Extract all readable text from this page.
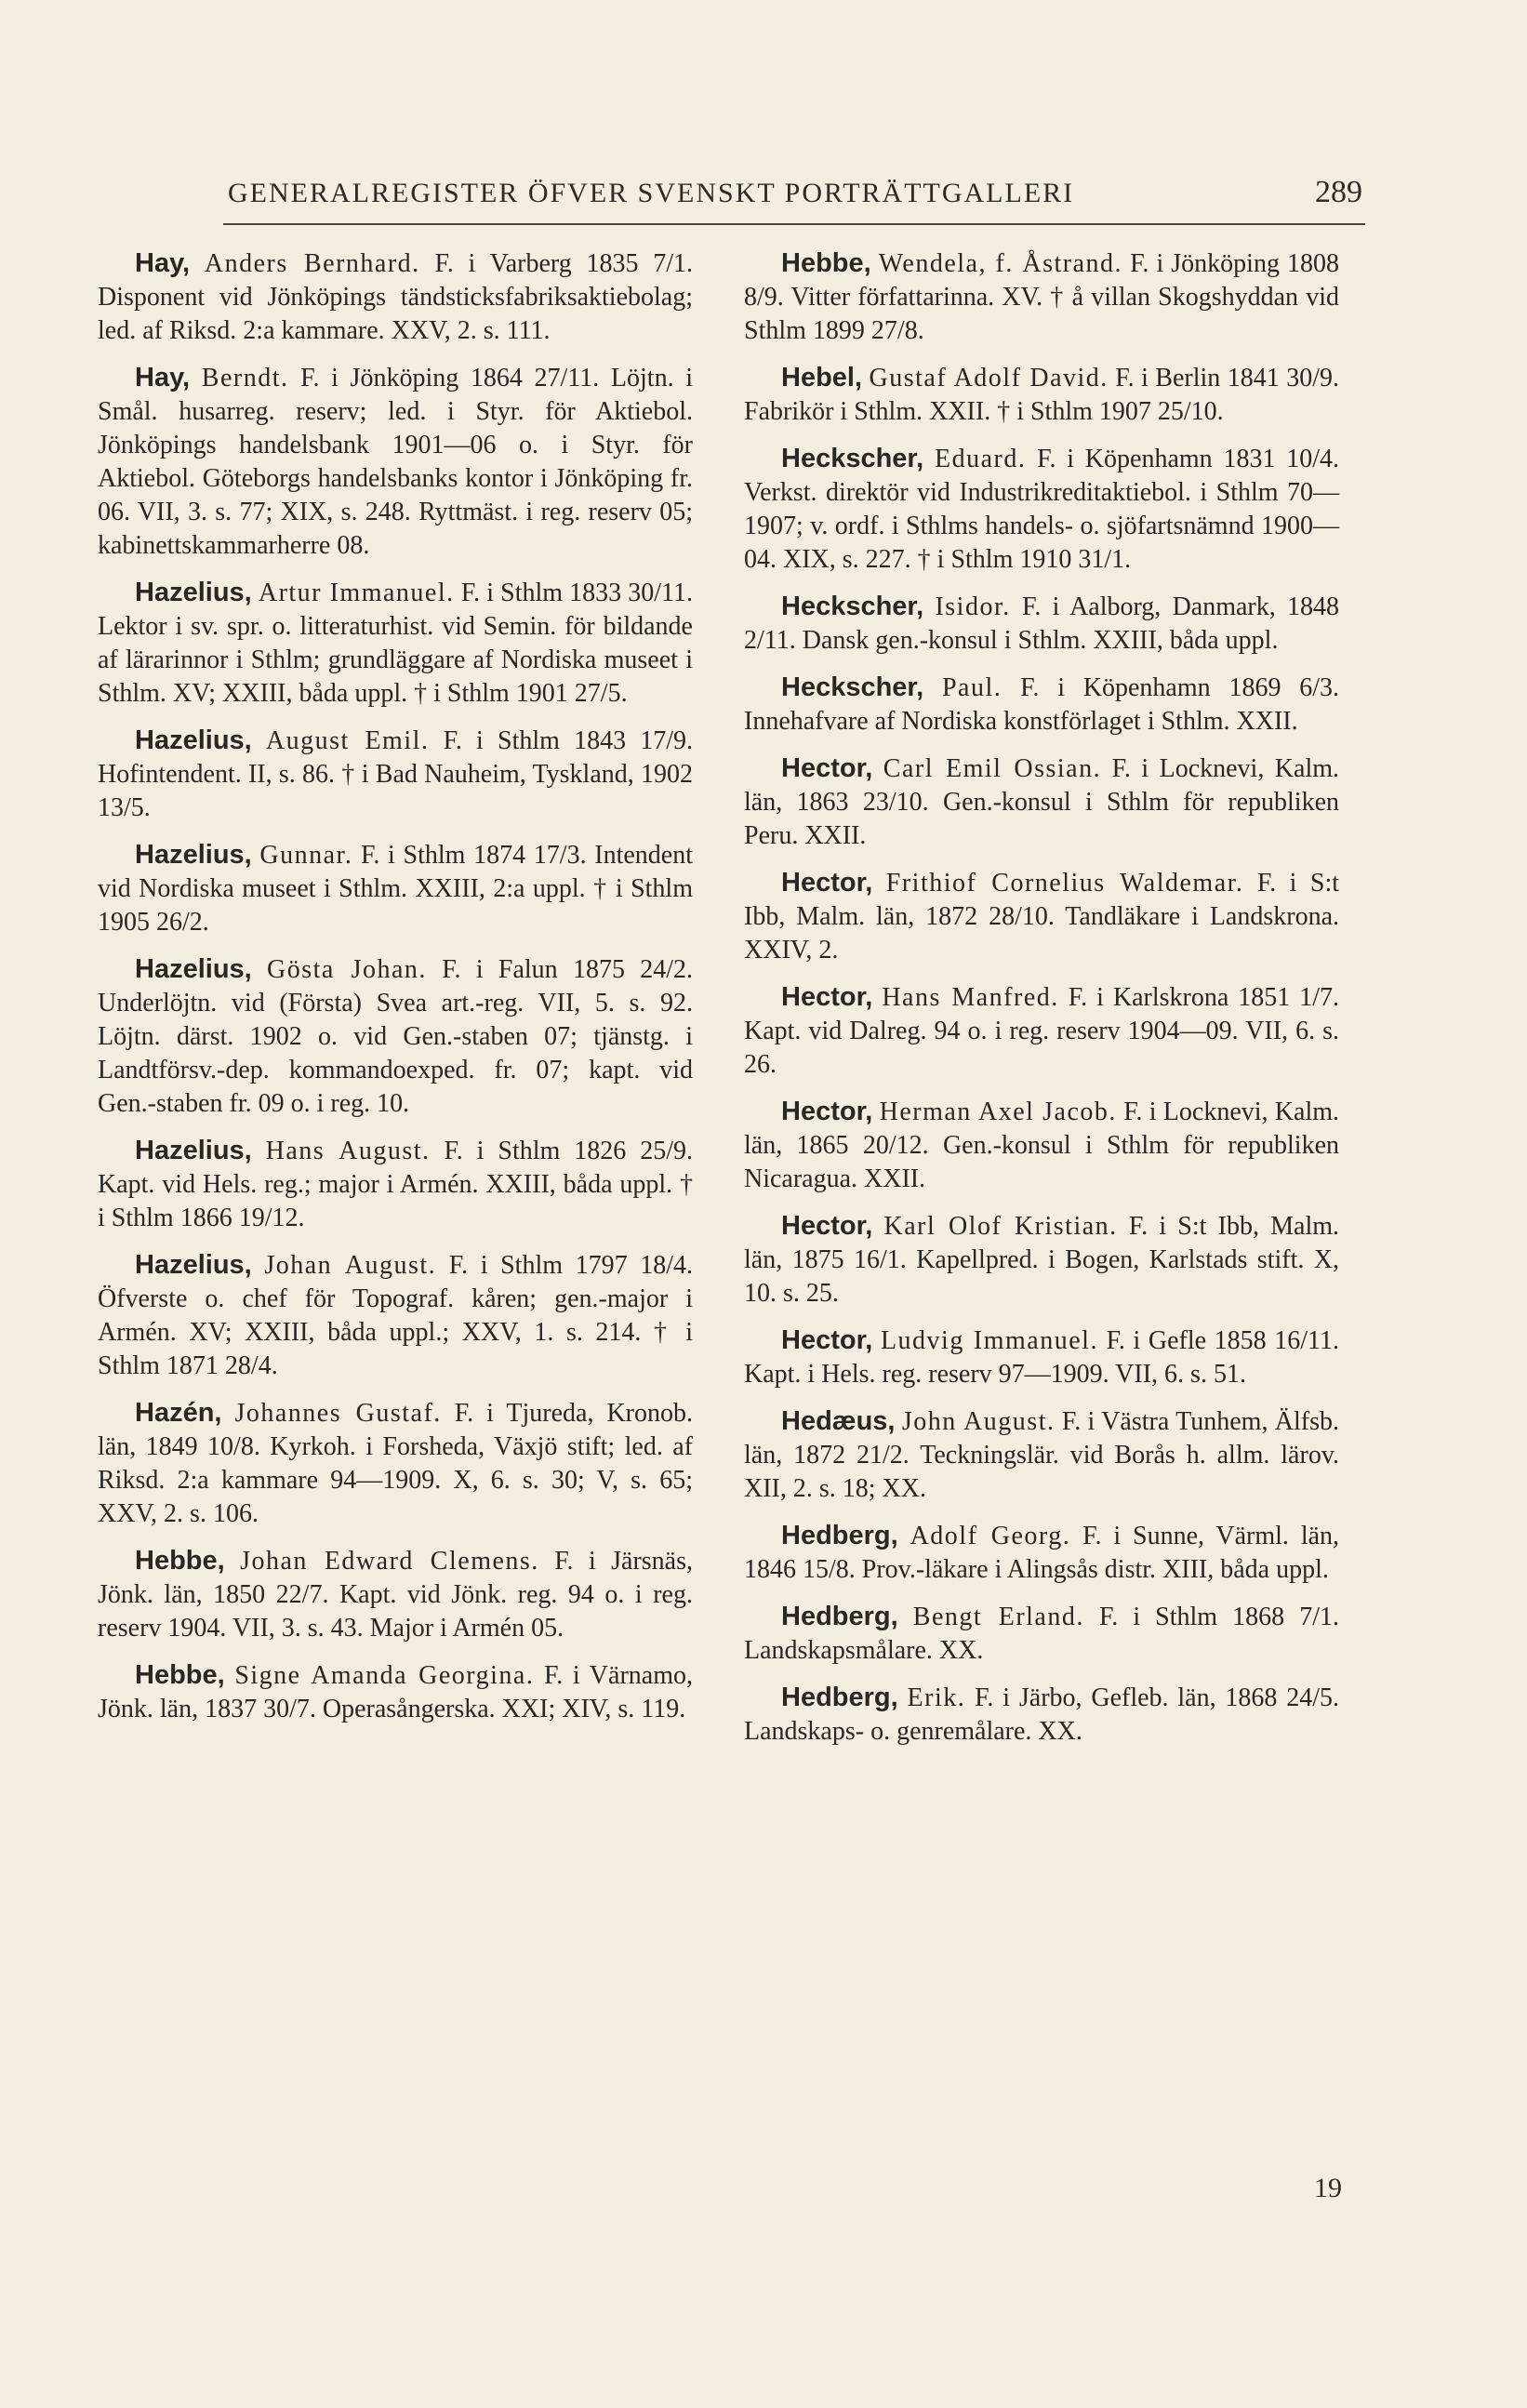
GENERALREGISTER ÖFVER SVENSKT PORTRÄTTGALLERI	289

Hay, Anders Bernhard. F. i Varberg 1835 7/1. Disponent vid Jönköpings tändsticksfabriksaktiebolag; led. af Riksd. 2:a kammare. XXV, 2. s. 111.

Hay, Berndt. F. i Jönköping 1864 27/11. Löjtn. i Smål. husarreg. reserv; led. i Styr. för Aktiebol. Jönköpings handelsbank 1901—06 o. i Styr. för Aktiebol. Göteborgs handelsbanks kontor i Jönköping fr. 06. VII, 3. s. 77; XIX, s. 248. Ryttmäst. i reg. reserv 05; kabinettskammarherre 08.

Hazelius, Artur Immanuel. F. i Sthlm 1833 30/11. Lektor i sv. spr. o. litteraturhist. vid Semin. för bildande af lärarinnor i Sthlm; grundläggare af Nordiska museet i Sthlm. XV; XXIII, båda uppl. † i Sthlm 1901 27/5.

Hazelius, August Emil. F. i Sthlm 1843 17/9. Hofintendent. II, s. 86. † i Bad Nauheim, Tyskland, 1902 13/5.

Hazelius, Gunnar. F. i Sthlm 1874 17/3. Intendent vid Nordiska museet i Sthlm. XXIII, 2:a uppl. † i Sthlm 1905 26/2.

Hazelius, Gösta Johan. F. i Falun 1875 24/2. Underlöjtn. vid (Första) Svea art.-reg. VII, 5. s. 92. Löjtn. därst. 1902 o. vid Gen.-staben 07; tjänstg. i Landtförsv.-dep. kommandoexped. fr. 07; kapt. vid Gen.-staben fr. 09 o. i reg. 10.

Hazelius, Hans August. F. i Sthlm 1826 25/9. Kapt. vid Hels. reg.; major i Armén. XXIII, båda uppl. † i Sthlm 1866 19/12.

Hazelius, Johan August. F. i Sthlm 1797 18/4. Öfverste o. chef för Topograf. kåren; gen.-major i Armén. XV; XXIII, båda uppl.; XXV, 1. s. 214. † i Sthlm 1871 28/4.

Hazén, Johannes Gustaf. F. i Tjureda, Kronob. län, 1849 10/8. Kyrkoh. i Forsheda, Växjö stift; led. af Riksd. 2:a kammare 94—1909. X, 6. s. 30; V, s. 65; XXV, 2. s. 106.

Hebbe, Johan Edward Clemens. F. i Järsnäs, Jönk. län, 1850 22/7. Kapt. vid Jönk. reg. 94 o. i reg. reserv 1904. VII, 3. s. 43. Major i Armén 05.

Hebbe, Signe Amanda Georgina. F. i Värnamo, Jönk. län, 1837 30/7. Operasångerska. XXI; XIV, s. 119.

Hebbe, Wendela, f. Åstrand. F. i Jönköping 1808 8/9. Vitter författarinna. XV. † å villan Skogshyddan vid Sthlm 1899 27/8.

Hebel, Gustaf Adolf David. F. i Berlin 1841 30/9. Fabrikör i Sthlm. XXII. † i Sthlm 1907 25/10.

Heckscher, Eduard. F. i Köpenhamn 1831 10/4. Verkst. direktör vid Industrikreditaktiebol. i Sthlm 70—1907; v. ordf. i Sthlms handels- o. sjöfartsnämnd 1900—04. XIX, s. 227. † i Sthlm 1910 31/1.

Heckscher, Isidor. F. i Aalborg, Danmark, 1848 2/11. Dansk gen.-konsul i Sthlm. XXIII, båda uppl.

Heckscher, Paul. F. i Köpenhamn 1869 6/3. Innehafvare af Nordiska konstförlaget i Sthlm. XXII.

Hector, Carl Emil Ossian. F. i Locknevi, Kalm. län, 1863 23/10. Gen.-konsul i Sthlm för republiken Peru. XXII.

Hector, Frithiof Cornelius Waldemar. F. i S:t Ibb, Malm. län, 1872 28/10. Tandläkare i Landskrona. XXIV, 2.

Hector, Hans Manfred. F. i Karlskrona 1851 1/7. Kapt. vid Dalreg. 94 o. i reg. reserv 1904—09. VII, 6. s. 26.

Hector, Herman Axel Jacob. F. i Locknevi, Kalm. län, 1865 20/12. Gen.-konsul i Sthlm för republiken Nicaragua. XXII.

Hector, Karl Olof Kristian. F. i S:t Ibb, Malm. län, 1875 16/1. Kapellpred. i Bogen, Karlstads stift. X, 10. s. 25.

Hector, Ludvig Immanuel. F. i Gefle 1858 16/11. Kapt. i Hels. reg. reserv 97—1909. VII, 6. s. 51.

Hedæus, John August. F. i Västra Tunhem, Älfsb. län, 1872 21/2. Teckningslär. vid Borås h. allm. lärov. XII, 2. s. 18; XX.

Hedberg, Adolf Georg. F. i Sunne, Värml. län, 1846 15/8. Prov.-läkare i Alingsås distr. XIII, båda uppl.

Hedberg, Bengt Erland. F. i Sthlm 1868 7/1. Landskapsmålare. XX.

Hedberg, Erik. F. i Järbo, Gefleb. län, 1868 24/5. Landskaps- o. genremålare. XX.

19
